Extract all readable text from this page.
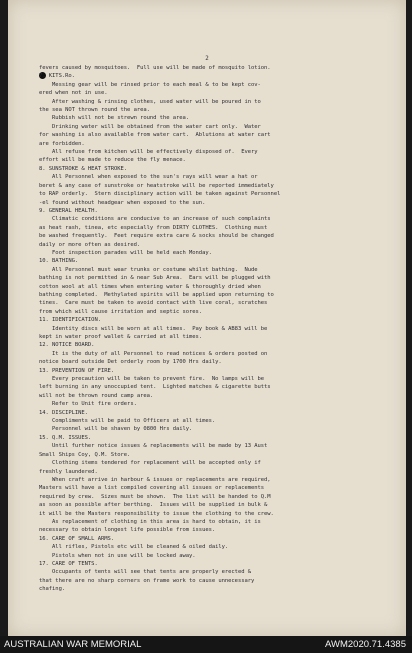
2
fevers caused by mosquitoes.  Full use will be made of mosquito lotion.
7. KITS.Ro.
Messing gear will be rinsed prior to each meal & to be kept cov-
ered when not in use.
After washing & rinsing clothes, used water will be poured in to
the sea NOT thrown round the area.
Rubbish will not be strewn round the area.
Drinking water will be obtained from the water cart only.  Water
for washing is also available from water cart.  Ablutions at water cart
are forbidden.
All refuse from kitchen will be effectively disposed of.  Every
effort will be made to reduce the fly menace.
8. SUNSTROKE & HEAT STROKE.
All Personnel when exposed to the sun's rays will wear a hat or
beret & any case of sunstroke or heatstroke will be reported immediately
to RAP orderly.  Stern disciplinary action will be taken against Personnel
-el found without headgear when exposed to the sun.
9. GENERAL HEALTH.
Climatic conditions are conducive to an increase of such complaints
as heat rash, tinea, etc especially from DIRTY CLOTHES.  Clothing must
be washed frequently.  Feet require extra care & socks should be changed
daily or more often as desired.
Foot inspection parades will be held each Monday.
10. BATHING.
All Personnel must wear trunks or costume whilst bathing.  Nude
bathing is not permitted in & near Sub Area.  Ears will be plugged with
cotton wool at all times when entering water & thoroughly dried when
bathing completed.  Methylated spirits will be applied upon returning to
tines.  Care must be taken to avoid contact with live coral, scratches
from which will cause irritation and septic sores.
11. IDENTIFICATION.
Identity discs will be worn at all times.  Pay book & AB83 will be
kept in water proof wallet & carried at all times.
12. NOTICE BOARD.
It is the duty of all Personnel to read notices & orders posted on
notice board outside Det orderly room by 1700 Hrs daily.
13. PREVENTION OF FIRE.
Every precaution will be taken to prevent fire.  No lamps will be
left burning in any unoccupied tent.  Lighted matches & cigarette butts
will not be thrown round camp area.
Refer to Unit fire orders.
14. DISCIPLINE.
Compliments will be paid to Officers at all times.
Personnel will be shaven by 0800 Hrs daily.
15. Q.M. ISSUES.
Until further notice issues & replacements will be made by 13 Aust
Small Ships Coy, Q.M. Store.
Clothing items tendered for replacement will be accepted only if
freshly laundered.
When craft arrive in harbour & issues or replacements are required,
Masters will have a list compiled covering all issues or replacements
required by crew.  Sizes must be shown.  The list will be handed to Q.M
as soon as possible after berthing.  Issues will be supplied in bulk &
it will be the Masters responsibility to issue the clothing to the crew.
As replacement of clothing in this area is hard to obtain, it is
necessary to obtain longest life possible from issues.
16. CARE OF SMALL ARMS.
All rifles, Pistols etc will be cleaned & oiled daily.
Pistols when not in use will be locked away.
17. CARE OF TENTS.
Occupants of tents will see that tents are properly erected &
that there are no sharp corners on frame work to cause unnecessary
chafing.
AUSTRALIAN WAR MEMORIAL	AWM2020.71.4385
